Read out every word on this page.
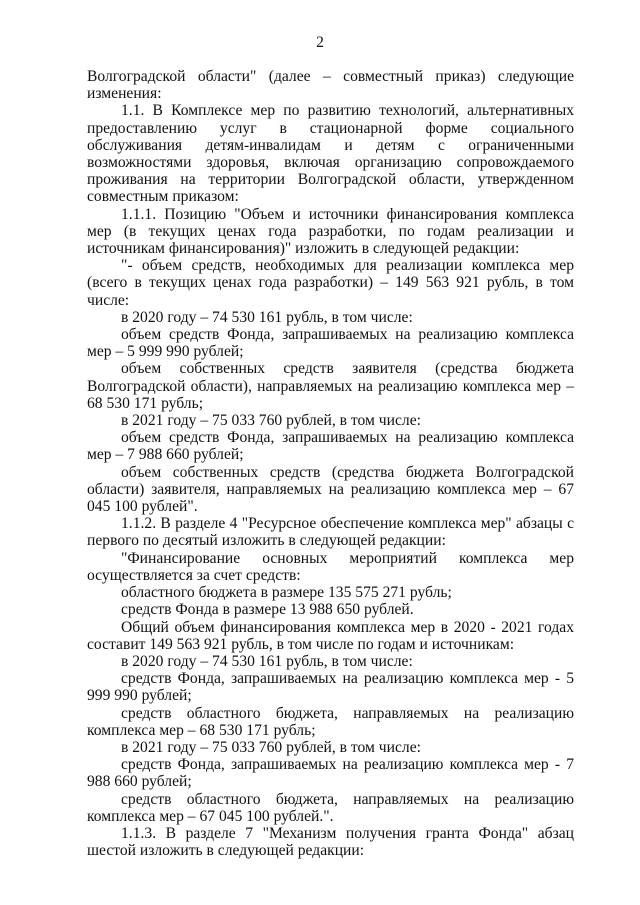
2

Волгоградской области" (далее – совместный приказ) следующие изменения:

1.1. В Комплексе мер по развитию технологий, альтернативных предоставлению услуг в стационарной форме социального обслуживания детям-инвалидам и детям с ограниченными возможностями здоровья, включая организацию сопровождаемого проживания на территории Волгоградской области, утвержденном совместным приказом:

1.1.1. Позицию "Объем и источники финансирования комплекса мер (в текущих ценах года разработки, по годам реализации и источникам финансирования)" изложить в следующей редакции:

"- объем средств, необходимых для реализации комплекса мер (всего в текущих ценах года разработки) – 149 563 921 рубль, в том числе:

в 2020 году – 74 530 161 рубль, в том числе:

объем средств Фонда, запрашиваемых на реализацию комплекса мер – 5 999 990 рублей;

объем собственных средств заявителя (средства бюджета Волгоградской области), направляемых на реализацию комплекса мер – 68 530 171 рубль;

в 2021 году – 75 033 760 рублей, в том числе:

объем средств Фонда, запрашиваемых на реализацию комплекса мер – 7 988 660 рублей;

объем собственных средств (средства бюджета Волгоградской области) заявителя, направляемых на реализацию комплекса мер – 67 045 100 рублей".

1.1.2. В разделе 4 "Ресурсное обеспечение комплекса мер" абзацы с первого по десятый изложить в следующей редакции:

"Финансирование основных мероприятий комплекса мер осуществляется за счет средств:

областного бюджета в размере 135 575 271 рубль;

средств Фонда в размере 13 988 650 рублей.

Общий объем финансирования комплекса мер в 2020 - 2021 годах составит 149 563 921 рубль, в том числе по годам и источникам:

в 2020 году – 74 530 161 рубль, в том числе:

средств Фонда, запрашиваемых на реализацию комплекса мер - 5 999 990 рублей;

средств областного бюджета, направляемых на реализацию комплекса мер – 68 530 171 рубль;

в 2021 году – 75 033 760 рублей, в том числе:

средств Фонда, запрашиваемых на реализацию комплекса мер - 7 988 660 рублей;

средств областного бюджета, направляемых на реализацию комплекса мер – 67 045 100 рублей.".

1.1.3. В разделе 7 "Механизм получения гранта Фонда" абзац шестой изложить в следующей редакции:
